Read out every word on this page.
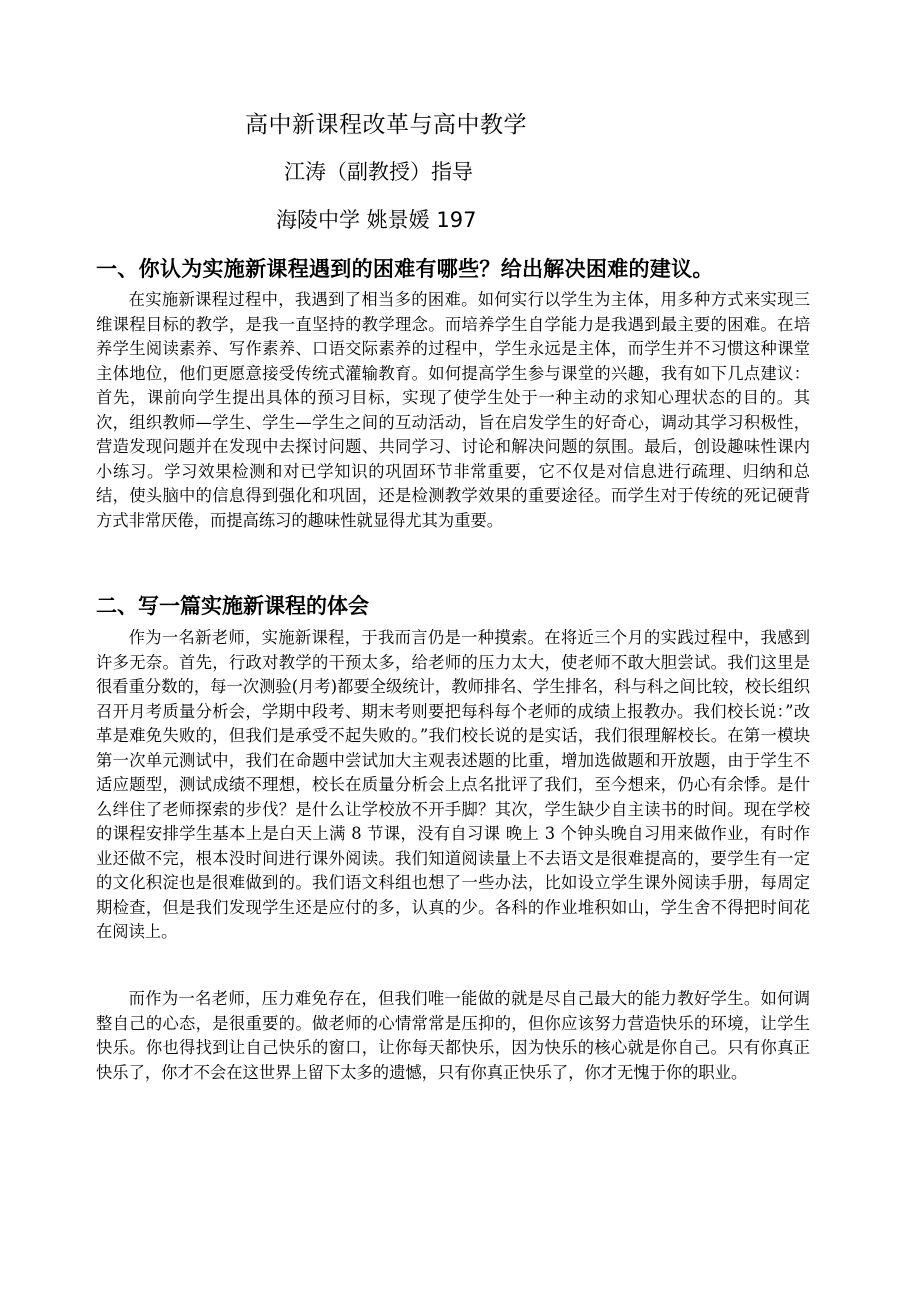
高中新课程改革与高中教学
江涛（副教授）指导
海陵中学 姚景媛 197
一、你认为实施新课程遇到的困难有哪些？给出解决困难的建议。

在实施新课程过程中，我遇到了相当多的困难。如何实行以学生为主体，用多种方式来实现三维课程目标的教学，是我一直坚持的教学理念。而培养学生自学能力是我遇到最主要的困难。在培养学生阅读素养、写作素养、口语交际素养的过程中，学生永远是主体，而学生并不习惯这种课堂主体地位，他们更愿意接受传统式灌输教育。如何提高学生参与课堂的兴趣，我有如下几点建议：首先，课前向学生提出具体的预习目标，实现了使学生处于一种主动的求知心理状态的目的。其次，组织教师—学生、学生—学生之间的互动活动，旨在启发学生的好奇心，调动其学习积极性，营造发现问题并在发现中去探讨问题、共同学习、讨论和解决问题的氛围。最后，创设趣味性课内小练习。学习效果检测和对已学知识的巩固环节非常重要，它不仅是对信息进行疏理、归纳和总结，使头脑中的信息得到强化和巩固，还是检测教学效果的重要途径。而学生对于传统的死记硬背方式非常厌倦，而提高练习的趣味性就显得尤其为重要。

二、写一篇实施新课程的体会

作为一名新老师，实施新课程，于我而言仍是一种摸索。在将近三个月的实践过程中，我感到许多无奈。首先，行政对教学的干预太多，给老师的压力太大，使老师不敢大胆尝试。我们这里是很看重分数的，每一次测验(月考)都要全级统计，教师排名、学生排名，科与科之间比较，校长组织召开月考质量分析会，学期中段考、期末考则要把每科每个老师的成绩上报教办。我们校长说：”改革是难免失败的，但我们是承受不起失败的。”我们校长说的是实话，我们很理解校长。在第一模块第一次单元测试中，我们在命题中尝试加大主观表述题的比重，增加选做题和开放题，由于学生不适应题型，测试成绩不理想，校长在质量分析会上点名批评了我们，至今想来，仍心有余悸。是什么绊住了老师探索的步伐？是什么让学校放不开手脚？其次，学生缺少自主读书的时间。现在学校的课程安排学生基本上是白天上满 8 节课，没有自习课 晚上 3 个钟头晚自习用来做作业，有时作业还做不完，根本没时间进行课外阅读。我们知道阅读量上不去语文是很难提高的，要学生有一定的文化积淀也是很难做到的。我们语文科组也想了一些办法，比如设立学生课外阅读手册，每周定期检查，但是我们发现学生还是应付的多，认真的少。各科的作业堆积如山，学生舍不得把时间花在阅读上。

而作为一名老师，压力难免存在，但我们唯一能做的就是尽自己最大的能力教好学生。如何调整自己的心态，是很重要的。做老师的心情常常是压抑的，但你应该努力营造快乐的环境，让学生快乐。你也得找到让自己快乐的窗口，让你每天都快乐，因为快乐的核心就是你自己。只有你真正快乐了，你才不会在这世界上留下太多的遗憾，只有你真正快乐了，你才无愧于你的职业。
